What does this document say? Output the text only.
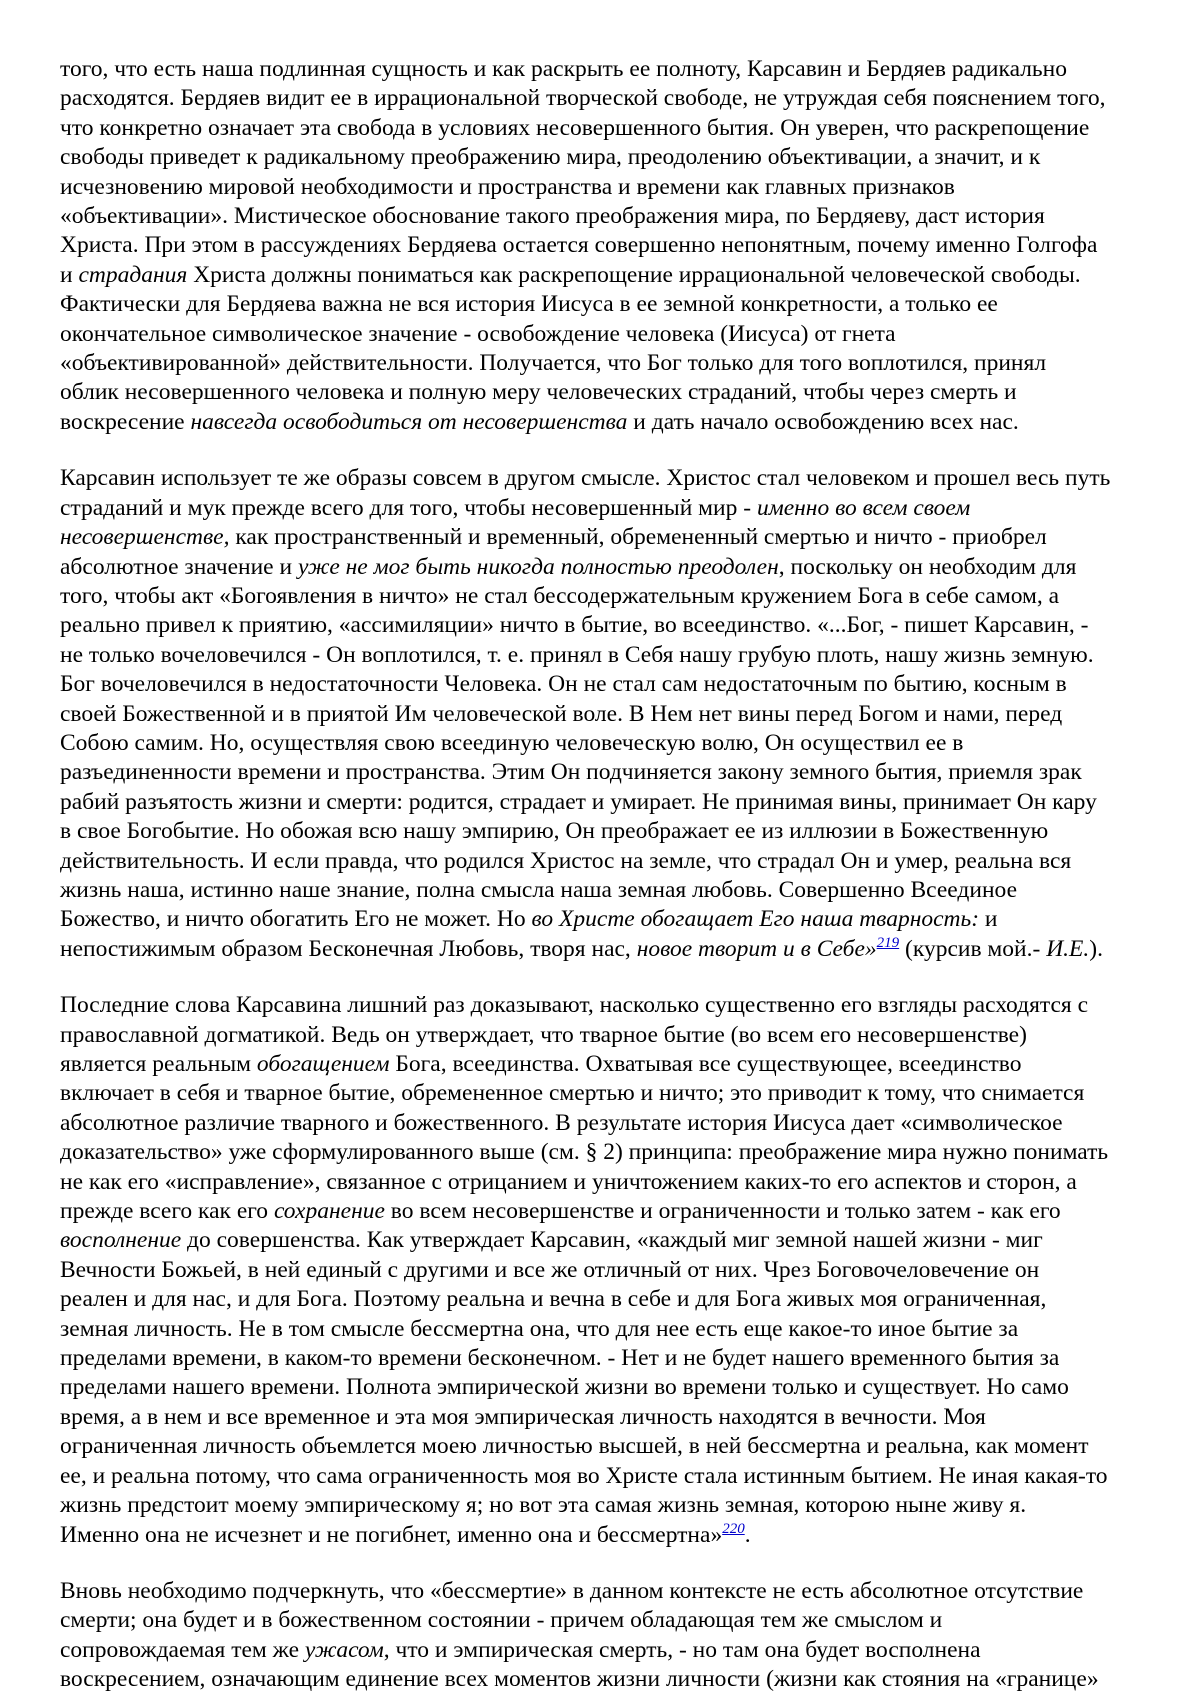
того, что есть наша подлинная сущность и как раскрыть ее полноту, Карсавин и Бердяев радикально
расходятся. Бердяев видит ее в иррациональной творческой свободе, не утруждая себя пояснением того,
что конкретно означает эта свобода в условиях несовершенного бытия. Он уверен, что раскрепощение
свободы приведет к радикальному преображению мира, преодолению объективации, а значит, и к
исчезновению мировой необходимости и пространства и времени как главных признаков
«объективации». Мистическое обоснование такого преображения мира, по Бердяеву, даст история
Христа. При этом в рассуждениях Бердяева остается совершенно непонятным, почему именно Голгофа
и страдания Христа должны пониматься как раскрепощение иррациональной человеческой свободы.
Фактически для Бердяева важна не вся история Иисуса в ее земной конкретности, а только ее
окончательное символическое значение - освобождение человека (Иисуса) от гнета
«объективированной» действительности. Получается, что Бог только для того воплотился, принял
облик несовершенного человека и полную меру человеческих страданий, чтобы через смерть и
воскресение навсегда освободиться от несовершенства и дать начало освобождению всех нас.

Карсавин использует те же образы совсем в другом смысле. Христос стал человеком и прошел весь путь
страданий и мук прежде всего для того, чтобы несовершенный мир - именно во всем своем
несовершенстве, как пространственный и временный, обремененный смертью и ничто - приобрел
абсолютное значение и уже не мог быть никогда полностью преодолен, поскольку он необходим для
того, чтобы акт «Богоявления в ничто» не стал бессодержательным кружением Бога в себе самом, а
реально привел к приятию, «ассимиляции» ничто в бытие, во всеединство. «...Бог, - пишет Карсавин, -
не только вочеловечился - Он воплотился, т. е. принял в Себя нашу грубую плоть, нашу жизнь земную.
Бог вочеловечился в недостаточности Человека. Он не стал сам недостаточным по бытию, косным в
своей Божественной и в приятой Им человеческой воле. В Нем нет вины перед Богом и нами, перед
Собою самим. Но, осуществляя свою всеединую человеческую волю, Он осуществил ее в
разъединенности времени и пространства. Этим Он подчиняется закону земного бытия, приемля зрак
рабий разъятость жизни и смерти: родится, страдает и умирает. Не принимая вины, принимает Он кару
в свое Богобытие. Но обожая всю нашу эмпирию, Он преображает ее из иллюзии в Божественную
действительность. И если правда, что родился Христос на земле, что страдал Он и умер, реальна вся
жизнь наша, истинно наше знание, полна смысла наша земная любовь. Совершенно Всеединое
Божество, и ничто обогатить Его не может. Но во Христе обогащает Его наша тварность: и
непостижимым образом Бесконечная Любовь, творя нас, новое творит и в Себе»$^{219}$ (курсив мой.- И.Е.).

Последние слова Карсавина лишний раз доказывают, насколько существенно его взгляды расходятся с
православной догматикой. Ведь он утверждает, что тварное бытие (во всем его несовершенстве)
является реальным обогащением Бога, всеединства. Охватывая все существующее, всеединство
включает в себя и тварное бытие, обремененное смертью и ничто; это приводит к тому, что снимается
абсолютное различие тварного и божественного. В результате история Иисуса дает «символическое
доказательство» уже сформулированного выше (см. § 2) принципа: преображение мира нужно понимать
не как его «исправление», связанное с отрицанием и уничтожением каких-то его аспектов и сторон, а
прежде всего как его сохранение во всем несовершенстве и ограниченности и только затем - как его
восполнение до совершенства. Как утверждает Карсавин, «каждый миг земной нашей жизни - миг
Вечности Божьей, в ней единый с другими и все же отличный от них. Чрез Боговочеловечение он
реален и для нас, и для Бога. Поэтому реальна и вечна в себе и для Бога живых моя ограниченная,
земная личность. Не в том смысле бессмертна она, что для нее есть еще какое-то иное бытие за
пределами времени, в каком-то времени бесконечном. - Нет и не будет нашего временного бытия за
пределами нашего времени. Полнота эмпирической жизни во времени только и существует. Но само
время, а в нем и все временное и эта моя эмпирическая личность находятся в вечности. Моя
ограниченная личность объемлется моею личностью высшей, в ней бессмертна и реальна, как момент
ее, и реальна потому, что сама ограниченность моя во Христе стала истинным бытием. Не иная какая-то
жизнь предстоит моему эмпирическому я; но вот эта самая жизнь земная, которою ныне живу я.
Именно она не исчезнет и не погибнет, именно она и бессмертна»$^{220}$.

Вновь необходимо подчеркнуть, что «бессмертие» в данном контексте не есть абсолютное отсутствие
смерти; она будет и в божественном состоянии - причем обладающая тем же смыслом и
сопровождаемая тем же ужасом, что и эмпирическая смерть, - но там она будет восполнена
воскресением, означающим единение всех моментов жизни личности (жизни как стояния на «границе»
